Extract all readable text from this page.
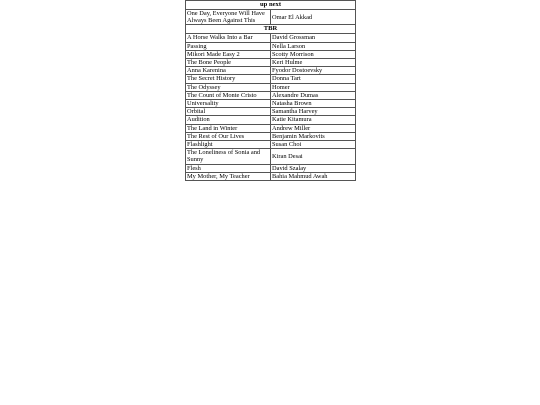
up next	
One Day, Everyone Will Have Always Been Against This	Omar El Akkad
TBR	
A Horse Walks Into a Bar	David Grossman
Passing	Nella Larson
Mikori Made Easy 2	Scotty Morrison
The Bone People	Keri Hulme
Anna Karenina	Fyodor Dostoevsky
The Secret History	Donna Tart
The Odyssey	Homer
The Count of Monte Cristo	Alexandre Dumas
Universality	Natasha Brown
Orbital	Samantha Harvey
Audition	Katie Kitamura
The Land in Winter	Andrew Miller
The Rest of Our Lives	Benjamin Markovits
Flashlight	Susan Choi
The Loneliness of Sonia and Sunny	Kiran Desai
Flesh	David Szalay
My Mother, My Teacher	Bahia Mahmud Awah
